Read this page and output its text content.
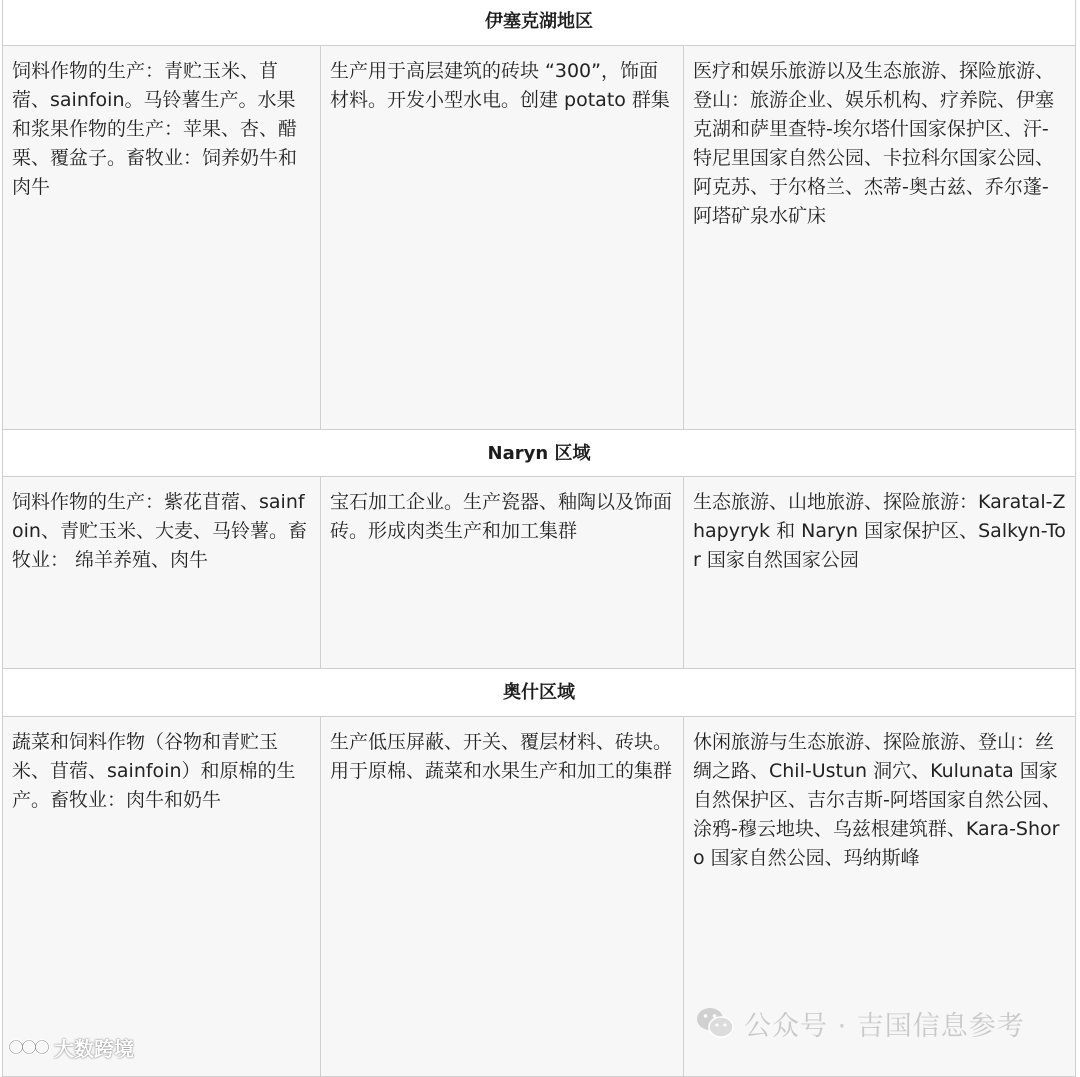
伊塞克湖地区		
饲料作物的生产：青贮玉米、苜蓿、sainfoin。马铃薯生产。水果和浆果作物的生产：苹果、杏、醋栗、覆盆子。畜牧业：饲养奶牛和肉牛	生产用于高层建筑的砖块 “300”，饰面材料。开发小型水电。创建 potato 群集	医疗和娱乐旅游以及生态旅游、探险旅游、登山：旅游企业、娱乐机构、疗养院、伊塞克湖和萨里查特-埃尔塔什国家保护区、汗-特尼里国家自然公园、卡拉科尔国家公园、阿克苏、于尔格兰、杰蒂-奥古兹、乔尔蓬-阿塔矿泉水矿床
Naryn 区域		
饲料作物的生产：紫花苜蓿、sainfoin、青贮玉米、大麦、马铃薯。畜牧业： 绵羊养殖、肉牛	宝石加工企业。生产瓷器、釉陶以及饰面砖。形成肉类生产和加工集群	生态旅游、山地旅游、探险旅游：Karatal-Zhapyryk 和 Naryn 国家保护区、Salkyn-Tor 国家自然国家公园
奥什区域		
蔬菜和饲料作物（谷物和青贮玉米、苜蓿、sainfoin）和原棉的生产。畜牧业：肉牛和奶牛	生产低压屏蔽、开关、覆层材料、砖块。用于原棉、蔬菜和水果生产和加工的集群	休闲旅游与生态旅游、探险旅游、登山：丝绸之路、Chil-Ustun 洞穴、Kulunata 国家自然保护区、吉尔吉斯-阿塔国家自然公园、涂鸦-穆云地块、乌兹根建筑群、Kara-Shoro 国家自然公园、玛纳斯峰
公众号 · 吉国信息参考
大数跨境
